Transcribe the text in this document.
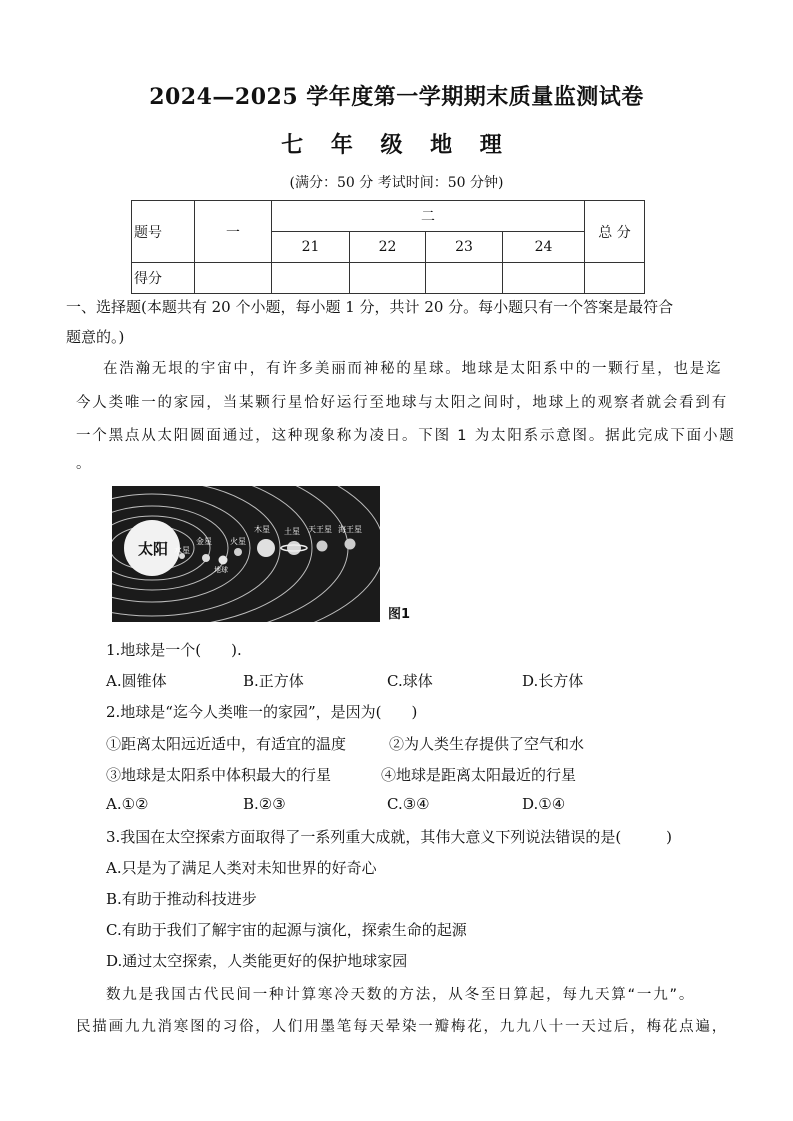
2024—2025 学年度第一学期期末质量监测试卷
七 年 级 地 理
(满分：50 分 考试时间：50 分钟)
题号	一	二				总 分
		21	22	23	24	
得分						
一、选择题(本题共有 20 个小题，每小题 1 分，共计 20 分。每小题只有一个答案是最符合
题意的。)
在浩瀚无垠的宇宙中，有许多美丽而神秘的星球。地球是太阳系中的一颗行星，也是迄
今人类唯一的家园，当某颗行星恰好运行至地球与太阳之间时，地球上的观察者就会看到有
一个黑点从太阳圆面通过，这种现象称为凌日。下图 1 为太阳系示意图。据此完成下面小题
。
太阳 水星
金星
地球
火星
木星 土星 天王星 海王星
图1
1.地球是一个(　　).
A.圆锥体	B.正方体	C.球体	D.长方体
2.地球是“迄今人类唯一的家园”，是因为(　　)
①距离太阳远近适中，有适宜的温度	②为人类生存提供了空气和水
③地球是太阳系中体积最大的行星	④地球是距离太阳最近的行星
A.①②	B.②③	C.③④	D.①④
3.我国在太空探索方面取得了一系列重大成就，其伟大意义下列说法错误的是(　　　)
A.只是为了满足人类对未知世界的好奇心
B.有助于推动科技进步
C.有助于我们了解宇宙的起源与演化，探索生命的起源
D.通过太空探索，人类能更好的保护地球家园
数九是我国古代民间一种计算寒冷天数的方法，从冬至日算起，每九天算“一九”。
民描画九九消寒图的习俗，人们用墨笔每天晕染一瓣梅花，九九八十一天过后，梅花点遍，
